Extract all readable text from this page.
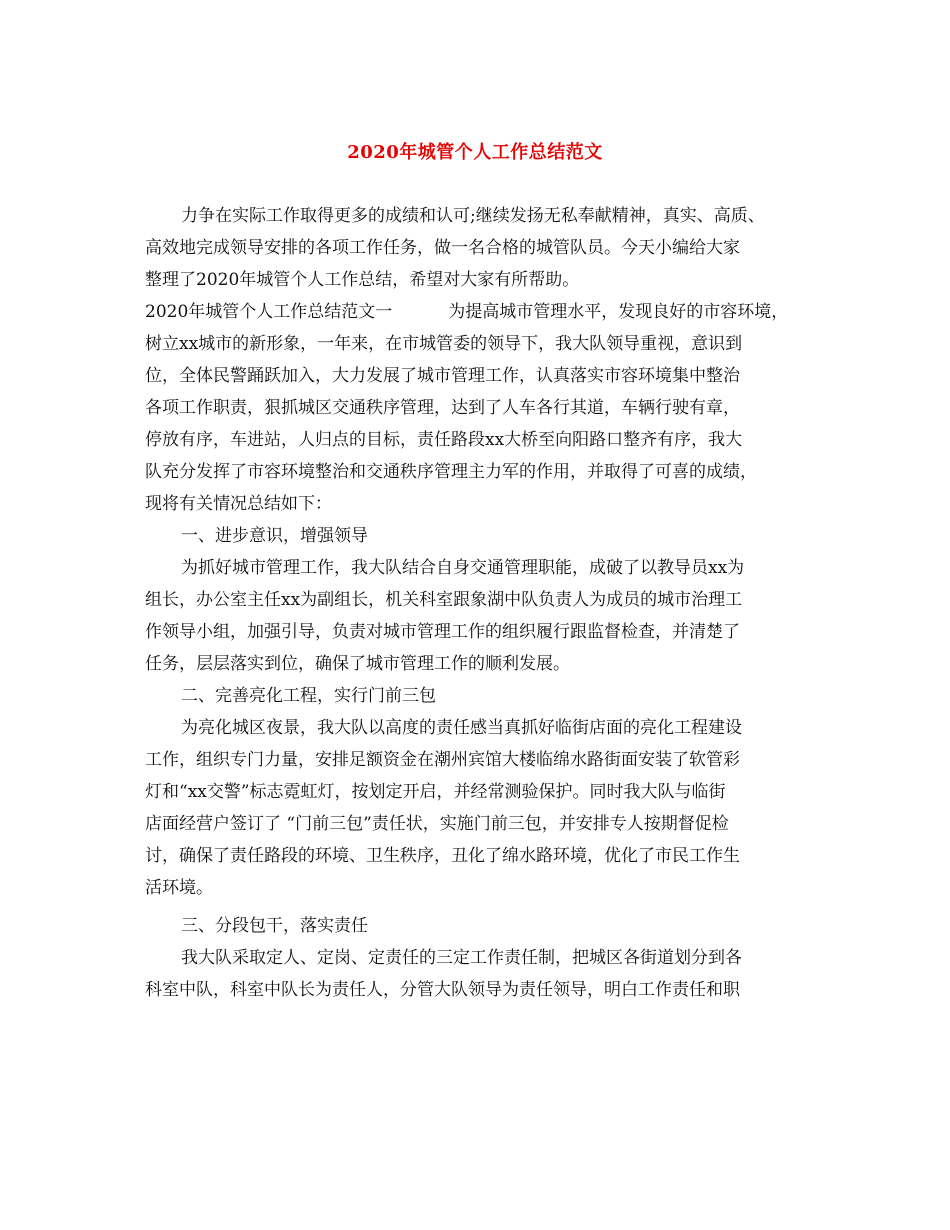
2020年城管个人工作总结范文
力争在实际工作取得更多的成绩和认可;继续发扬无私奉献精神，真实、高质、
高效地完成领导安排的各项工作任务，做一名合格的城管队员。今天小编给大家
整理了2020年城管个人工作总结，希望对大家有所帮助。
2020年城管个人工作总结范文一	为提高城市管理水平，发现良好的市容环境，
树立xx城市的新形象，一年来，在市城管委的领导下，我大队领导重视，意识到
位，全体民警踊跃加入，大力发展了城市管理工作，认真落实市容环境集中整治
各项工作职责，狠抓城区交通秩序管理，达到了人车各行其道，车辆行驶有章，
停放有序，车进站，人归点的目标，责任路段xx大桥至向阳路口整齐有序，我大
队充分发挥了市容环境整治和交通秩序管理主力军的作用，并取得了可喜的成绩，
现将有关情况总结如下：
一、进步意识，增强领导
为抓好城市管理工作，我大队结合自身交通管理职能，成破了以教导员xx为
组长，办公室主任xx为副组长，机关科室跟象湖中队负责人为成员的城市治理工
作领导小组，加强引导，负责对城市管理工作的组织履行跟监督检查，并清楚了
任务，层层落实到位，确保了城市管理工作的顺利发展。
二、完善亮化工程，实行门前三包
为亮化城区夜景，我大队以高度的责任感当真抓好临街店面的亮化工程建设
工作，组织专门力量，安排足额资金在潮州宾馆大楼临绵水路街面安装了软管彩
灯和“xx交警”标志霓虹灯，按划定开启，并经常测验保护。同时我大队与临街
店面经营户签订了 “门前三包”责任状，实施门前三包，并安排专人按期督促检
讨，确保了责任路段的环境、卫生秩序，丑化了绵水路环境，优化了市民工作生
活环境。
三、分段包干，落实责任
我大队采取定人、定岗、定责任的三定工作责任制，把城区各街道划分到各
科室中队，科室中队长为责任人，分管大队领导为责任领导，明白工作责任和职
